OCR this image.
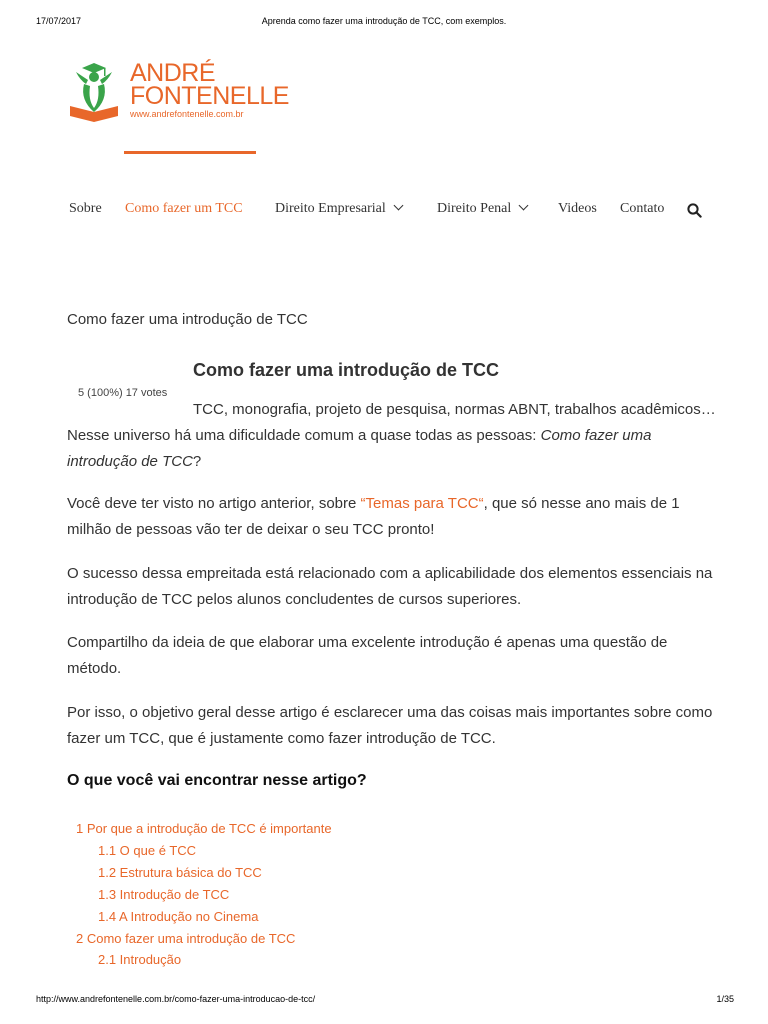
17/07/2017	Aprenda como fazer uma introdução de TCC, com exemplos.
ANDRÉ
FONTENELLE
www.andrefontenelle.com.br
Sobre Como fazer um TCC Direito Empresarial	Direito Penal	Videos Contato
Como fazer uma introdução de TCC
Como fazer uma introdução de TCC
5 (100%) 17 votes

TCC, monografia, projeto de pesquisa, normas ABNT, trabalhos acadêmicos… Nesse universo há uma dificuldade comum a quase todas as pessoas: Como fazer uma introdução de TCC?

Você deve ter visto no artigo anterior, sobre “Temas para TCC“, que só nesse ano mais de 1 milhão de pessoas vão ter de deixar o seu TCC pronto!

O sucesso dessa empreitada está relacionado com a aplicabilidade dos elementos essenciais na introdução de TCC pelos alunos concludentes de cursos superiores.

Compartilho da ideia de que elaborar uma excelente introdução é apenas uma questão de método.

Por isso, o objetivo geral desse artigo é esclarecer uma das coisas mais importantes sobre como fazer um TCC, que é justamente como fazer introdução de TCC.

O que você vai encontrar nesse artigo?
1 Por que a introdução de TCC é importante
1.1 O que é TCC
1.2 Estrutura básica do TCC
1.3 Introdução de TCC
1.4 A Introdução no Cinema
2 Como fazer uma introdução de TCC
2.1 Introdução
http://www.andrefontenelle.com.br/como-fazer-uma-introducao-de-tcc/	1/35
